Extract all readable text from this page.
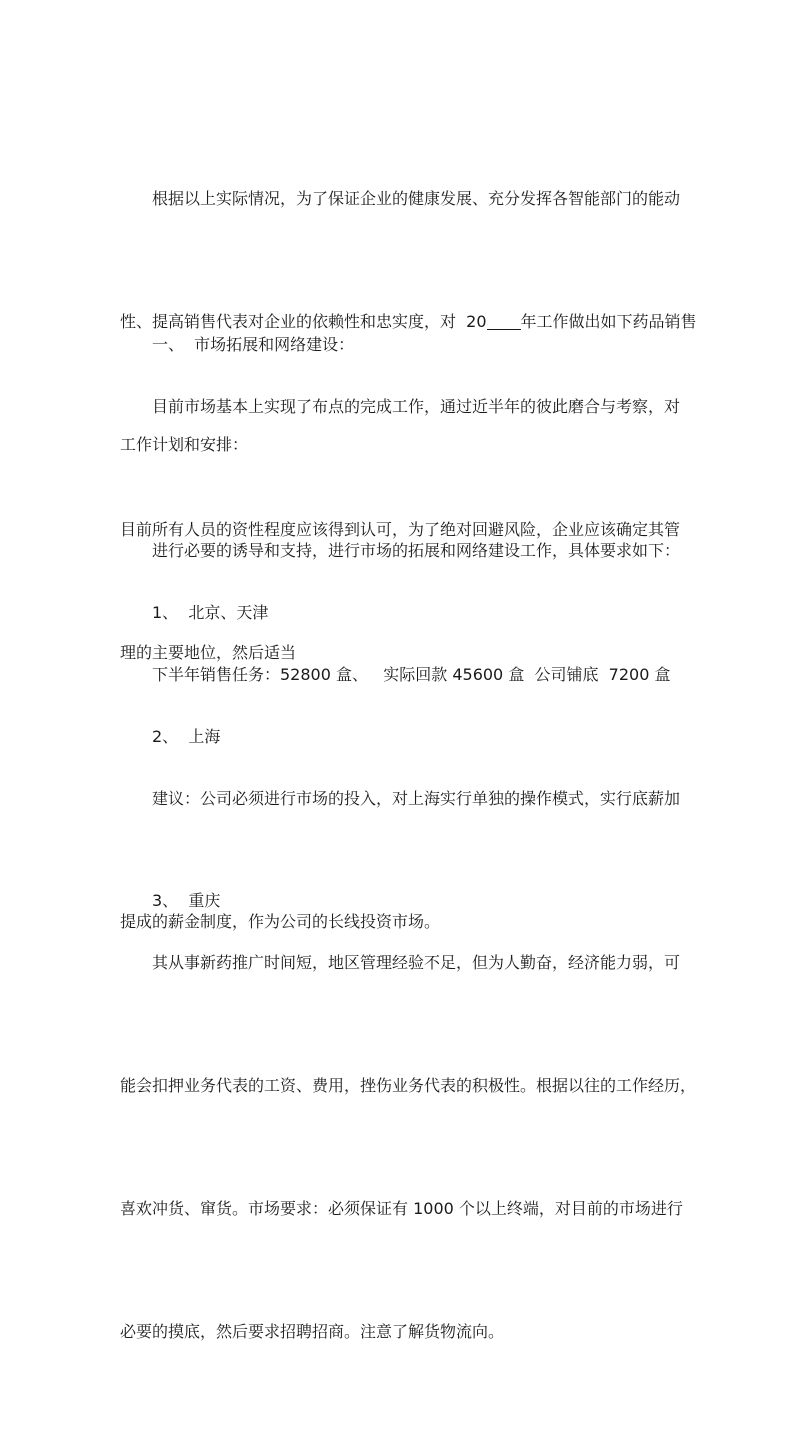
根据以上实际情况，为了保证企业的健康发展、充分发挥各智能部门的能动

性、提高销售代表对企业的依赖性和忠实度，对  20 年工作做出如下药品销售

工作计划和安排：

一、  市场拓展和网络建设：

目前市场基本上实现了布点的完成工作，通过近半年的彼此磨合与考察，对

目前所有人员的资性程度应该得到认可，为了绝对回避风险，企业应该确定其管

理的主要地位，然后适当

进行必要的诱导和支持，进行市场的拓展和网络建设工作，具体要求如下：

1、  北京、天津

下半年销售任务：52800 盒、   实际回款 45600 盒  公司铺底  7200 盒

2、  上海

建议：公司必须进行市场的投入，对上海实行单独的操作模式，实行底薪加

提成的薪金制度，作为公司的长线投资市场。

3、  重庆

其从事新药推广时间短，地区管理经验不足，但为人勤奋，经济能力弱，可

能会扣押业务代表的工资、费用，挫伤业务代表的积极性。根据以往的工作经历，

喜欢冲货、窜货。市场要求：必须保证有 1000 个以上终端，对目前的市场进行

必要的摸底，然后要求招聘招商。注意了解货物流向。
